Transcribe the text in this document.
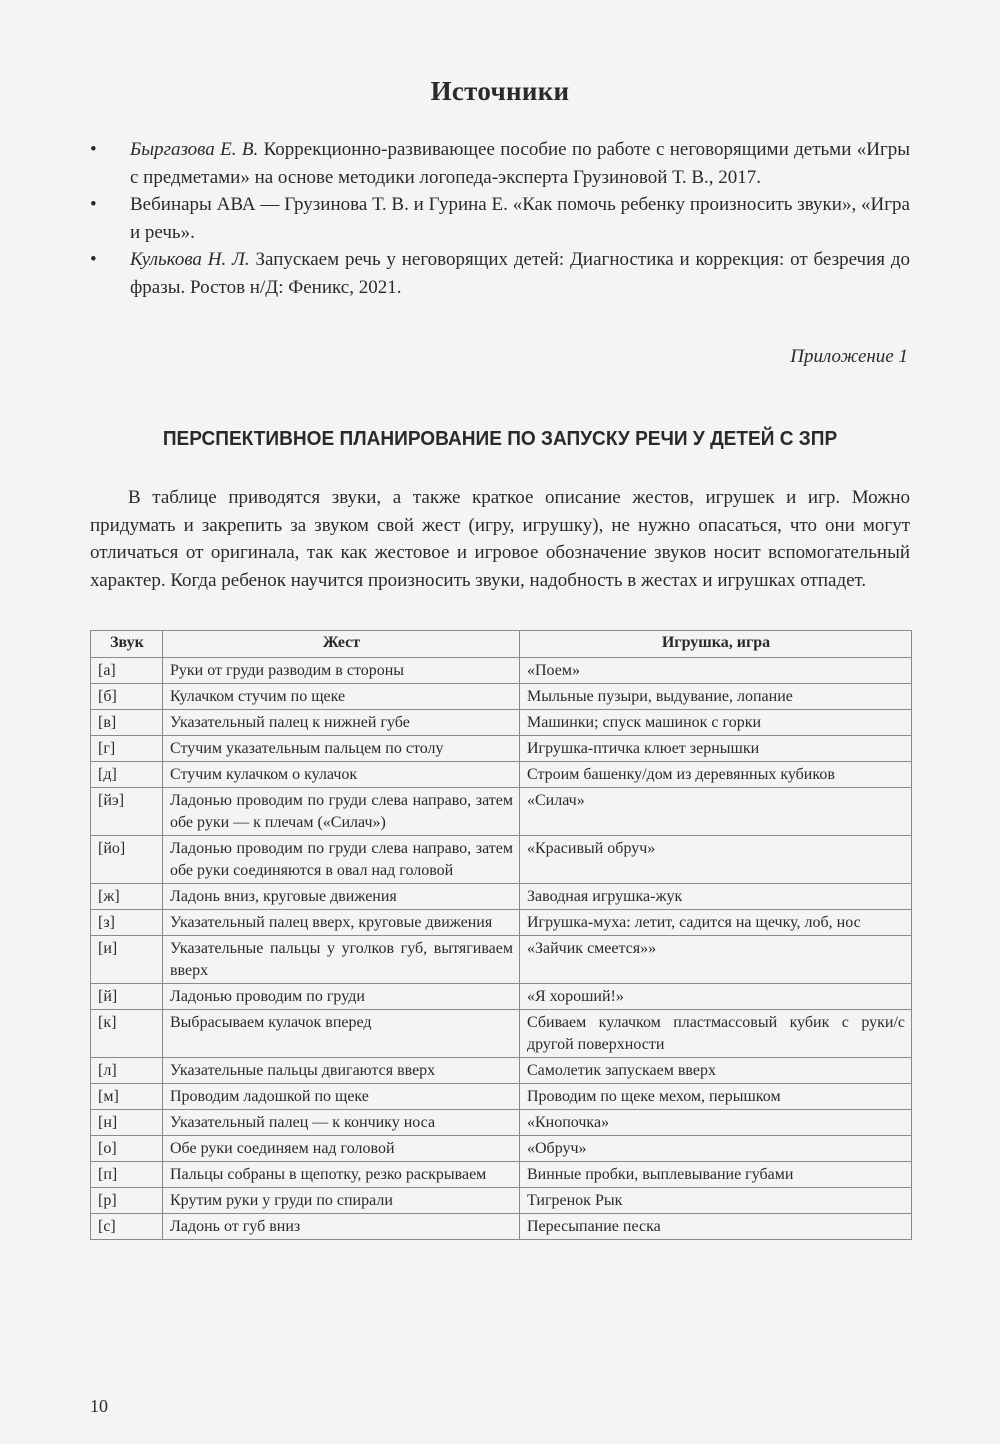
Источники
• Быргазова Е. В. Коррекционно-развивающее пособие по работе с неговорящими детьми «Игры с предметами» на основе методики логопеда-эксперта Грузиновой Т. В., 2017.
• Вебинары АВА — Грузинова Т. В. и Гурина Е. «Как помочь ребенку произносить звуки», «Игра и речь».
• Кулькова Н. Л. Запускаем речь у неговорящих детей: Диагностика и коррекция: от безречия до фразы. Ростов н/Д: Феникс, 2021.
Приложение 1
ПЕРСПЕКТИВНОЕ ПЛАНИРОВАНИЕ ПО ЗАПУСКУ РЕЧИ У ДЕТЕЙ С ЗПР

В таблице приводятся звуки, а также краткое описание жестов, игрушек и игр. Можно придумать и закрепить за звуком свой жест (игру, игрушку), не нужно опасаться, что они могут отличаться от оригинала, так как жестовое и игровое обозначение звуков носит вспомогательный характер. Когда ребенок научится произносить звуки, надобность в жестах и игрушках отпадет.

Звук	Жест	Игрушка, игра
[а]	Руки от груди разводим в стороны	«Поем»
[б]	Кулачком стучим по щеке	Мыльные пузыри, выдувание, лопание
[в]	Указательный палец к нижней губе	Машинки; спуск машинок с горки
[г]	Стучим указательным пальцем по столу	Игрушка-птичка клюет зернышки
[д]	Стучим кулачком о кулачок	Строим башенку/дом из деревянных кубиков
[йэ]	Ладонью проводим по груди слева направо, затем обе руки — к плечам («Силач»)	«Силач»
[йо]	Ладонью проводим по груди слева направо, затем обе руки соединяются в овал над головой	«Красивый обруч»
[ж]	Ладонь вниз, круговые движения	Заводная игрушка-жук
[з]	Указательный палец вверх, круговые движения	Игрушка-муха: летит, садится на щечку, лоб, нос
[и]	Указательные пальцы у уголков губ, вытягиваем вверх	«Зайчик смеется»»
[й]	Ладонью проводим по груди	«Я хороший!»
[к]	Выбрасываем кулачок вперед	Сбиваем кулачком пластмассовый кубик с руки/с другой поверхности
[л]	Указательные пальцы двигаются вверх	Самолетик запускаем вверх
[м]	Проводим ладошкой по щеке	Проводим по щеке мехом, перышком
[н]	Указательный палец — к кончику носа	«Кнопочка»
[о]	Обе руки соединяем над головой	«Обруч»
[п]	Пальцы собраны в щепотку, резко раскрываем	Винные пробки, выплевывание губами
[р]	Крутим руки у груди по спирали	Тигренок Рык
[с]	Ладонь от губ вниз	Пересыпание песка
10
